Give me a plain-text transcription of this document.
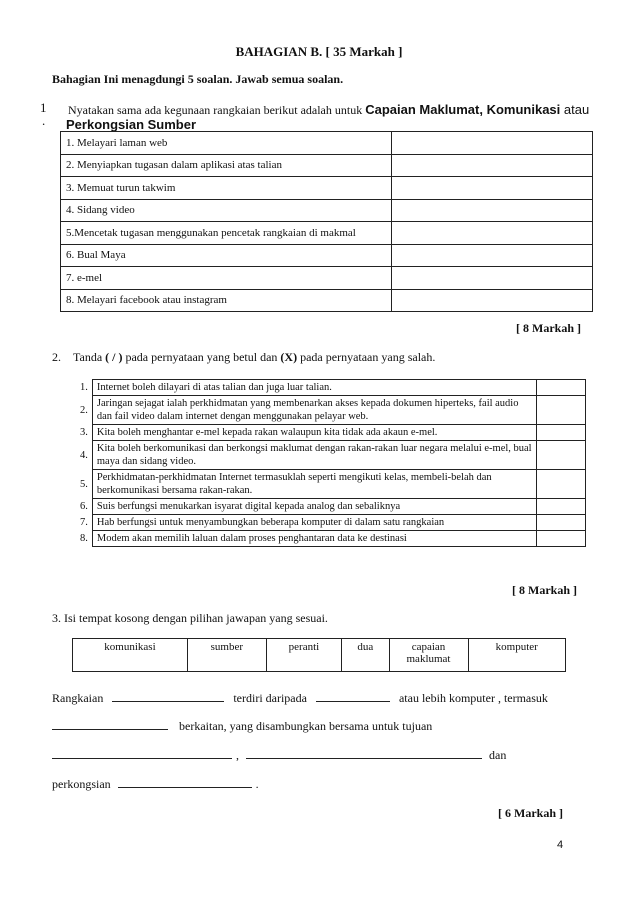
BAHAGIAN B. [ 35 Markah ]
Bahagian Ini menagdungi 5 soalan. Jawab semua soalan.
1
.
Nyatakan sama ada kegunaan rangkaian berikut adalah untuk Capaian Maklumat, Komunikasi atau
Perkongsian Sumber
1. Melayari laman web	
2. Menyiapkan tugasan dalam aplikasi atas talian	
3. Memuat turun takwim	
4. Sidang video	
5.Mencetak tugasan menggunakan pencetak rangkaian di makmal	
6. Bual Maya	
7. e-mel	
8. Melayari facebook atau instagram	
[ 8 Markah ]
2. Tanda ( / ) pada pernyataan yang betul dan (X) pada pernyataan yang salah.
1.	Internet boleh dilayari di atas talian dan juga luar talian.	
2.	Jaringan sejagat ialah perkhidmatan yang membenarkan akses kepada dokumen hiperteks, fail audio dan fail video dalam internet dengan menggunakan pelayar web.	
3.	Kita boleh menghantar e-mel kepada rakan walaupun kita tidak ada akaun e-mel.	
4.	Kita boleh berkomunikasi dan berkongsi maklumat dengan rakan-rakan luar negara melalui e-mel, bual maya dan sidang video.	
5.	Perkhidmatan-perkhidmatan Internet termasuklah seperti mengikuti kelas, membeli-belah dan berkomunikasi bersama rakan-rakan.	
6.	Suis berfungsi menukarkan isyarat digital kepada analog dan sebaliknya	
7.	Hab berfungsi untuk menyambungkan beberapa komputer di dalam satu rangkaian	
8.	Modem akan memilih laluan dalam proses penghantaran data ke destinasi	
[ 8 Markah ]
3. Isi tempat kosong dengan pilihan jawapan yang sesuai.
komunikasi	sumber	peranti	dua	capaian maklumat	komputer
Rangkaian	terdiri daripada	atau lebih komputer , termasuk
berkaitan, yang disambungkan bersama untuk tujuan
,	dan
perkongsian	.
[ 6 Markah ]
4
